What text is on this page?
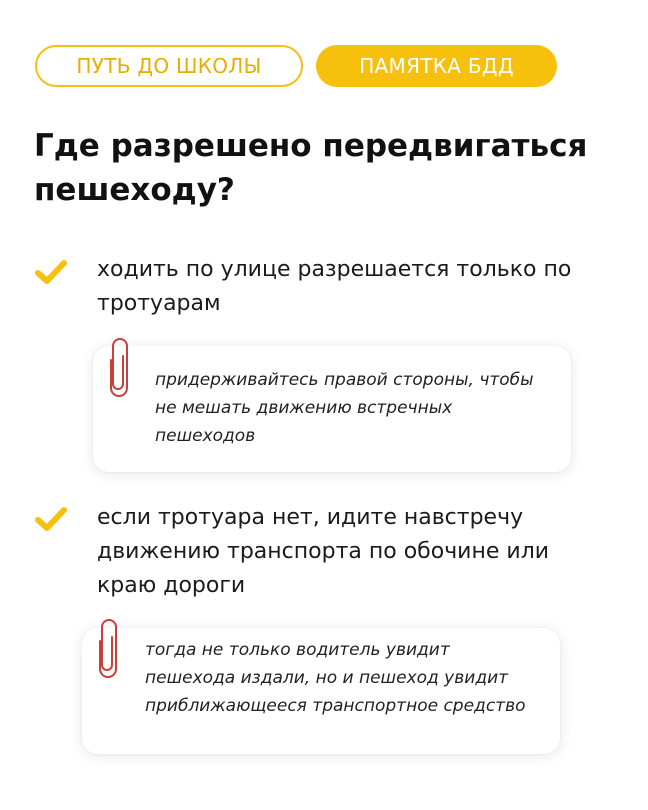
ПУТЬ ДО ШКОЛЫ	ПАМЯТКА БДД
Где разрешено передвигаться пешеходу?

ходить по улице разрешается только по тротуарам

придерживайтесь правой стороны, чтобы не мешать движению встречных пешеходов

если тротуара нет, идите навстречу движению транспорта по обочине или краю дороги

тогда не только водитель увидит пешехода издали, но и пешеход увидит приближающееся транспортное средство
